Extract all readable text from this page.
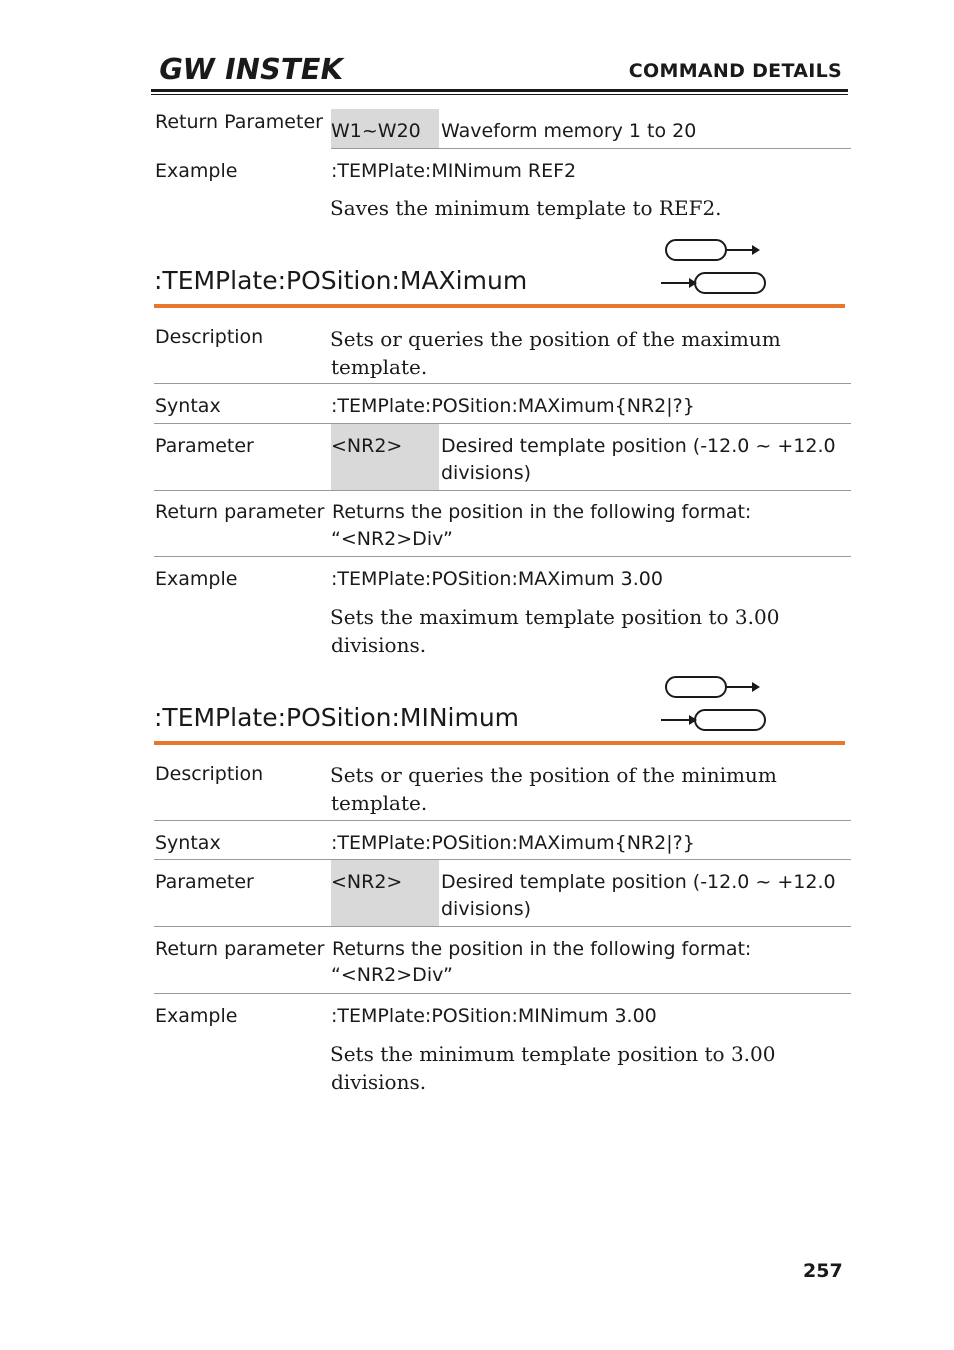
GW INSTEK	COMMAND DETAILS
Return Parameter W1~W20 Waveform memory 1 to 20
Example	:TEMPlate:MINimum REF2
Saves the minimum template to REF2.
:TEMPlate:POSition:MAXimum
Description	Sets or queries the position of the maximum
template.
Syntax	:TEMPlate:POSition:MAXimum{NR2|?}
Parameter	<NR2> Desired template position (-12.0 ~ +12.0
divisions)
Return parameter Returns the position in the following format:
“<NR2>Div”
Example	:TEMPlate:POSition:MAXimum 3.00
Sets the maximum template position to 3.00
divisions.
:TEMPlate:POSition:MINimum
Description	Sets or queries the position of the minimum
template.
Syntax	:TEMPlate:POSition:MAXimum{NR2|?}
Parameter	<NR2> Desired template position (-12.0 ~ +12.0
divisions)
Return parameter Returns the position in the following format:
“<NR2>Div”
Example	:TEMPlate:POSition:MINimum 3.00
Sets the minimum template position to 3.00
divisions.
257
